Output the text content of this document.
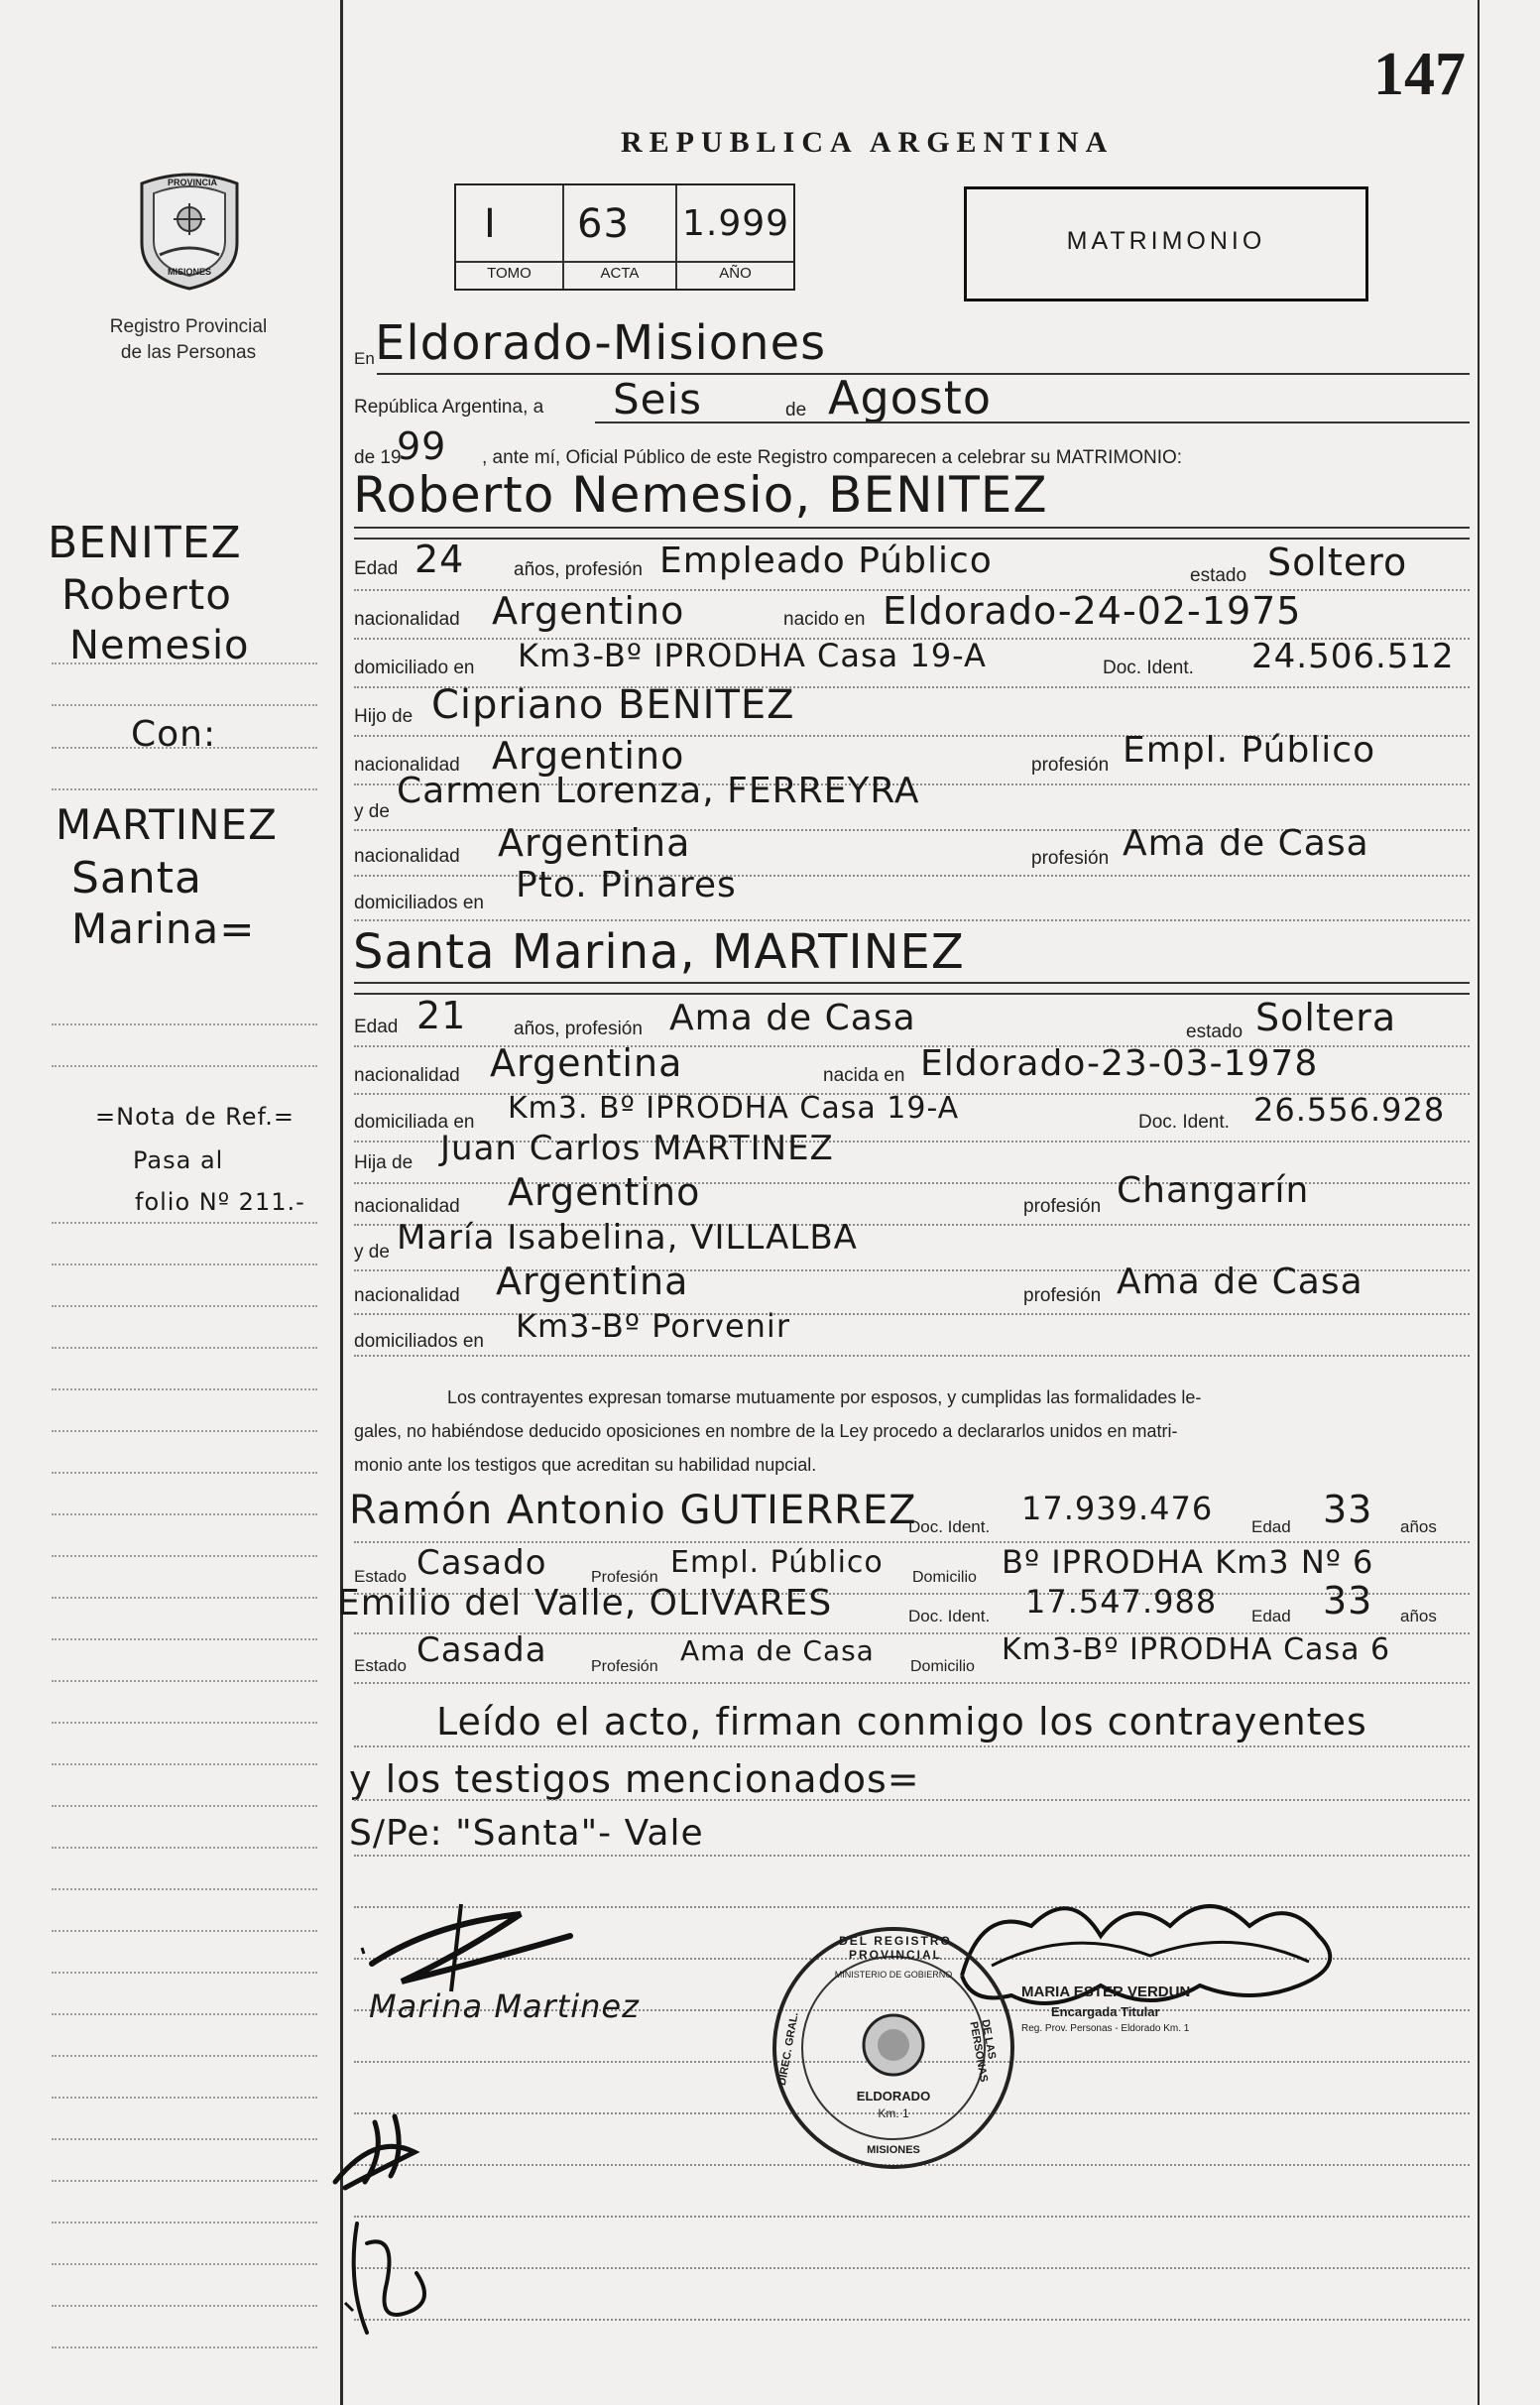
147
PROVINCIA
MISIONES
Registro Provincial
de las Personas
REPUBLICA ARGENTINA
I 63 1.999
TOMO	ACTA	AÑO
MATRIMONIO
BENITEZ
Roberto
Nemesio
Con:
MARTINEZ
Santa
Marina=
=Nota de Ref.=
Pasa al
folio Nº 211.-
En Eldorado-Misiones
República Argentina, a Seis	de Agosto
de 19
99 , ante mí, Oficial Público de este Registro comparecen a celebrar su MATRIMONIO:
Roberto Nemesio, BENITEZ
Edad 24	años, profesión Empleado Público	estado Soltero
nacionalidad Argentino	nacido en Eldorado-24-02-1975
domiciliado en Km3-Bº IPRODHA Casa 19-A	Doc. Ident. 24.506.512
Hijo de Cipriano BENITEZ
nacionalidad Argentino	profesión Empl. Público
y de
Carmen Lorenza, FERREYRA
nacionalidad Argentina	profesión Ama de Casa
domiciliados en Pto. Pinares
Santa Marina, MARTINEZ
Edad 21	años, profesión Ama de Casa	estado Soltera
nacionalidad Argentina	nacida en Eldorado-23-03-1978
domiciliada en Km3. Bº IPRODHA Casa 19-A	Doc. Ident. 26.556.928
Hija de Juan Carlos MARTINEZ
nacionalidad Argentino	profesión Changarín
y de María Isabelina, VILLALBA
nacionalidad Argentina	profesión Ama de Casa
domiciliados en Km3-Bº Porvenir
Los contrayentes expresan tomarse mutuamente por esposos, y cumplidas las formalidades le-
gales, no habiéndose deducido oposiciones en nombre de la Ley procedo a declararlos unidos en matri-
monio ante los testigos que acreditan su habilidad nupcial.
Ramón Antonio GUTIERREZ
Doc. Ident. 17.939.476 Edad 33 años
Estado Casado	Profesión Empl. Público Domicilio Bº IPRODHA Km3 Nº 6
Emilio del Valle, OLIVARES	Doc. Ident. 17.547.988 Edad 33 años
Estado Casada	Profesión Ama de Casa Domicilio Km3-Bº IPRODHA Casa 6
Leído el acto, firman conmigo los contrayentes
y los testigos mencionados=
S/Pe: "Santa"- Vale
Marina Martinez
DEL REGISTRO PROVINCIAL
DIREC. GRAL.	DE LAS PERSONAS
MINISTERIO DE GOBIERNO
ELDORADO
Km. 1
MISIONES
MARIA ESTER VERDUN
Encargada Titular
Reg. Prov. Personas - Eldorado Km. 1
